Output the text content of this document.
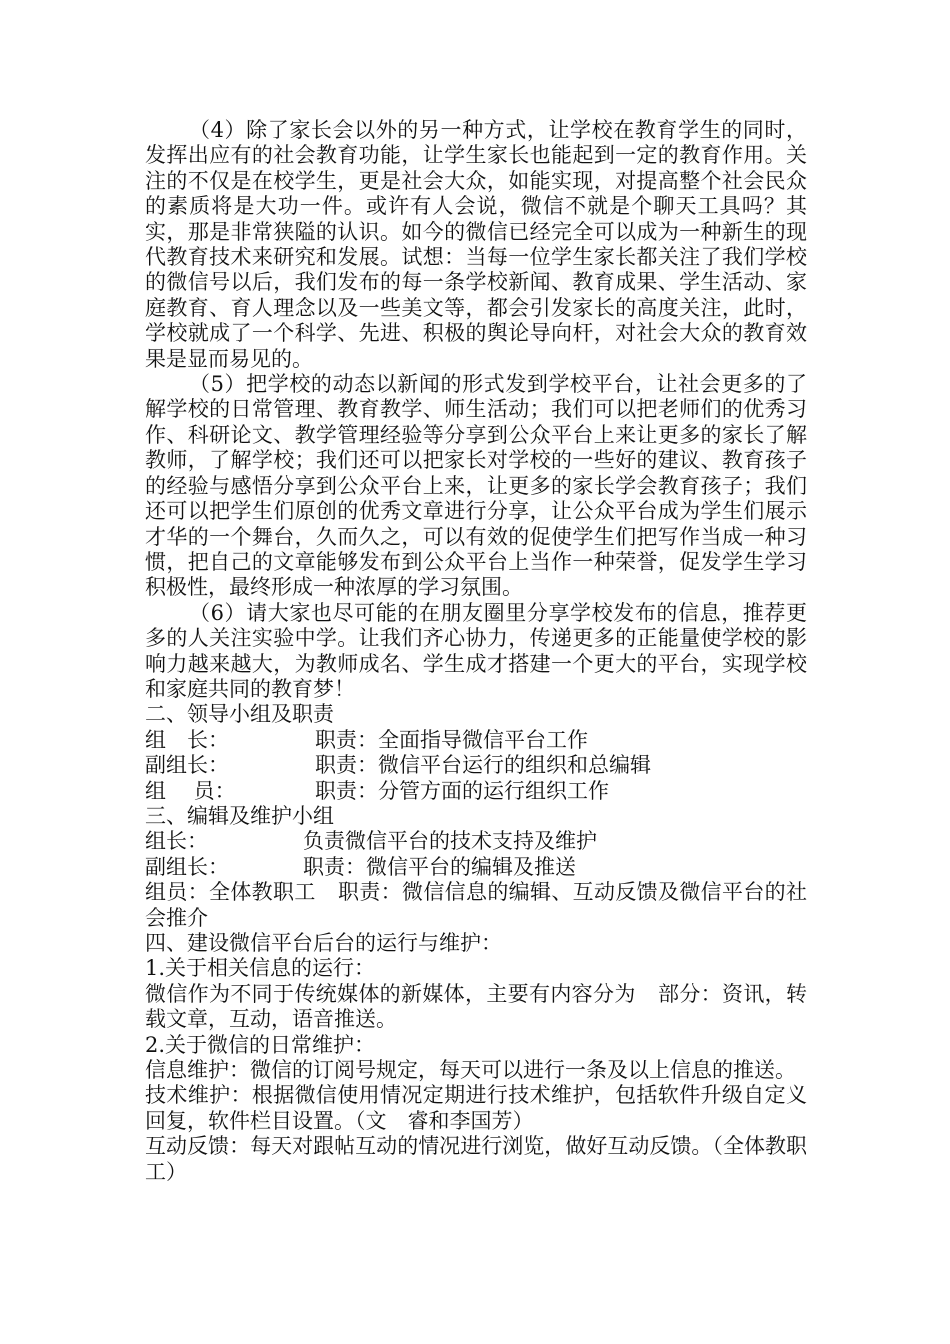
（4）除了家长会以外的另一种方式，让学校在教育学生的同时，发挥出应有的社会教育功能，让学生家长也能起到一定的教育作用。关注的不仅是在校学生，更是社会大众，如能实现，对提高整个社会民众的素质将是大功一件。或许有人会说，微信不就是个聊天工具吗？其实，那是非常狭隘的认识。如今的微信已经完全可以成为一种新生的现代教育技术来研究和发展。试想：当每一位学生家长都关注了我们学校的微信号以后，我们发布的每一条学校新闻、教育成果、学生活动、家庭教育、育人理念以及一些美文等，都会引发家长的高度关注，此时，学校就成了一个科学、先进、积极的舆论导向杆，对社会大众的教育效果是显而易见的。

（5）把学校的动态以新闻的形式发到学校平台，让社会更多的了解学校的日常管理、教育教学、师生活动；我们可以把老师们的优秀习作、科研论文、教学管理经验等分享到公众平台上来让更多的家长了解教师，了解学校；我们还可以把家长对学校的一些好的建议、教育孩子的经验与感悟分享到公众平台上来，让更多的家长学会教育孩子；我们还可以把学生们原创的优秀文章进行分享，让公众平台成为学生们展示才华的一个舞台，久而久之，可以有效的促使学生们把写作当成一种习惯，把自己的文章能够发布到公众平台上当作一种荣誉，促发学生学习积极性，最终形成一种浓厚的学习氛围。

（6）请大家也尽可能的在朋友圈里分享学校发布的信息，推荐更多的人关注实验中学。让我们齐心协力，传递更多的正能量使学校的影响力越来越大，为教师成名、学生成才搭建一个更大的平台，实现学校和家庭共同的教育梦！

二、领导小组及职责

组　长：	职责：全面指导微信平台工作
副组长：	职责：微信平台运行的组织和总编辑
组　 员：	职责：分管方面的运行组织工作

三、编辑及维护小组

组长：	负责微信平台的技术支持及维护
副组长：	职责：微信平台的编辑及推送

组员：全体教职工 职责：微信信息的编辑、互动反馈及微信平台的社会推介

四、建设微信平台后台的运行与维护：

1.关于相关信息的运行：

微信作为不同于传统媒体的新媒体，主要有内容分为 部分：资讯，转载文章，互动，语音推送。

2.关于微信的日常维护：

信息维护：微信的订阅号规定，每天可以进行一条及以上信息的推送。

技术维护：根据微信使用情况定期进行技术维护，包括软件升级自定义回复，软件栏目设置。（文　睿和李国芳）

互动反馈：每天对跟帖互动的情况进行浏览，做好互动反馈。（全体教职工）
